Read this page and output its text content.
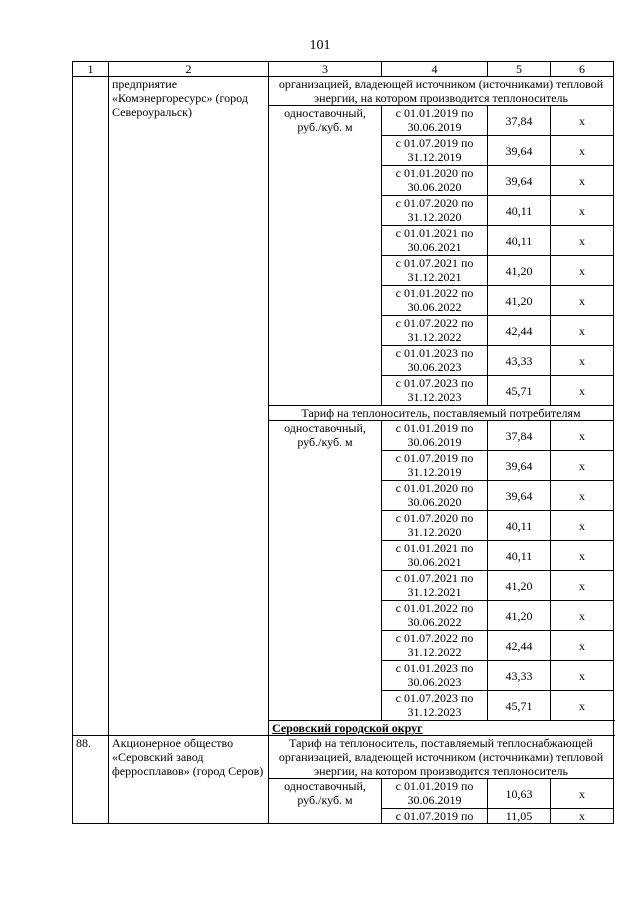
101
1	2	3	4	5	6
	предприятие «Комэнергоресурс» (город Североуральск)	организацией, владеющей источником (источниками) тепловой энергии, на котором производится теплоноситель			
		одноставочный, руб./куб. м	с 01.01.2019 по 30.06.2019	37,84	x
			с 01.07.2019 по 31.12.2019	39,64	x
			с 01.01.2020 по 30.06.2020	39,64	x
			с 01.07.2020 по 31.12.2020	40,11	x
			с 01.01.2021 по 30.06.2021	40,11	x
			с 01.07.2021 по 31.12.2021	41,20	x
			с 01.01.2022 по 30.06.2022	41,20	x
			с 01.07.2022 по 31.12.2022	42,44	x
			с 01.01.2023 по 30.06.2023	43,33	x
			с 01.07.2023 по 31.12.2023	45,71	x
		Тариф на теплоноситель, поставляемый потребителям			
		одноставочный, руб./куб. м	с 01.01.2019 по 30.06.2019	37,84	x
			с 01.07.2019 по 31.12.2019	39,64	x
			с 01.01.2020 по 30.06.2020	39,64	x
			с 01.07.2020 по 31.12.2020	40,11	x
			с 01.01.2021 по 30.06.2021	40,11	x
			с 01.07.2021 по 31.12.2021	41,20	x
			с 01.01.2022 по 30.06.2022	41,20	x
			с 01.07.2022 по 31.12.2022	42,44	x
			с 01.01.2023 по 30.06.2023	43,33	x
			с 01.07.2023 по 31.12.2023	45,71	x
		Серовский городской округ			
88.	Акционерное общество «Серовский завод ферросплавов» (город Серов)	Тариф на теплоноситель, поставляемый теплоснабжающей организацией, владеющей источником (источниками) тепловой энергии, на котором производится теплоноситель			
		одноставочный, руб./куб. м	с 01.01.2019 по 30.06.2019	10,63	x
			с 01.07.2019 по	11,05	x
